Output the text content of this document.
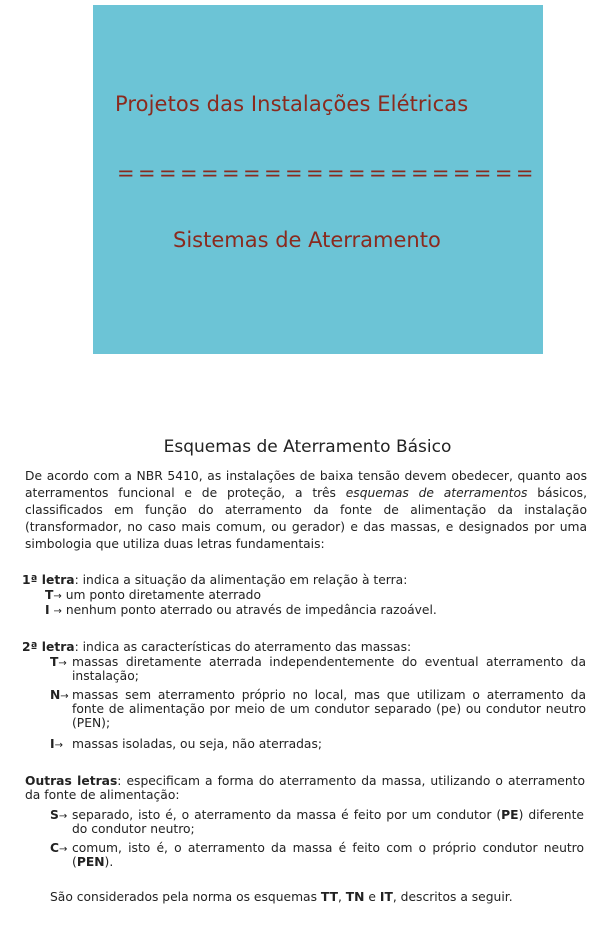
Projetos das Instalações Elétricas
====================
Sistemas de Aterramento
Esquemas de Aterramento Básico
De acordo com a NBR 5410, as instalações de baixa tensão devem obedecer, quanto aos aterramentos funcional e de proteção, a três esquemas de aterramentos básicos, classificados em função do aterramento da fonte de alimentação da instalação (transformador, no caso mais comum, ou gerador) e das massas, e designados por uma simbologia que utiliza duas letras fundamentais:
1ª letra: indica a situação da alimentação em relação à terra:
T→ um ponto diretamente aterrado
I → nenhum ponto aterrado ou através de impedância razoável.
2ª letra: indica as características do aterramento das massas:
T→ massas diretamente aterrada independentemente do eventual aterramento da instalação;
N→ massas sem aterramento próprio no local, mas que utilizam o aterramento da fonte de alimentação por meio de um condutor separado (pe) ou condutor neutro (PEN);
I→ massas isoladas, ou seja, não aterradas;
Outras letras: especificam a forma do aterramento da massa, utilizando o aterramento da fonte de alimentação:
S→ separado, isto é, o aterramento da massa é feito por um condutor (PE) diferente do condutor neutro;
C→ comum, isto é, o aterramento da massa é feito com o próprio condutor neutro (PEN).
São considerados pela norma os esquemas TT, TN e IT, descritos a seguir.
